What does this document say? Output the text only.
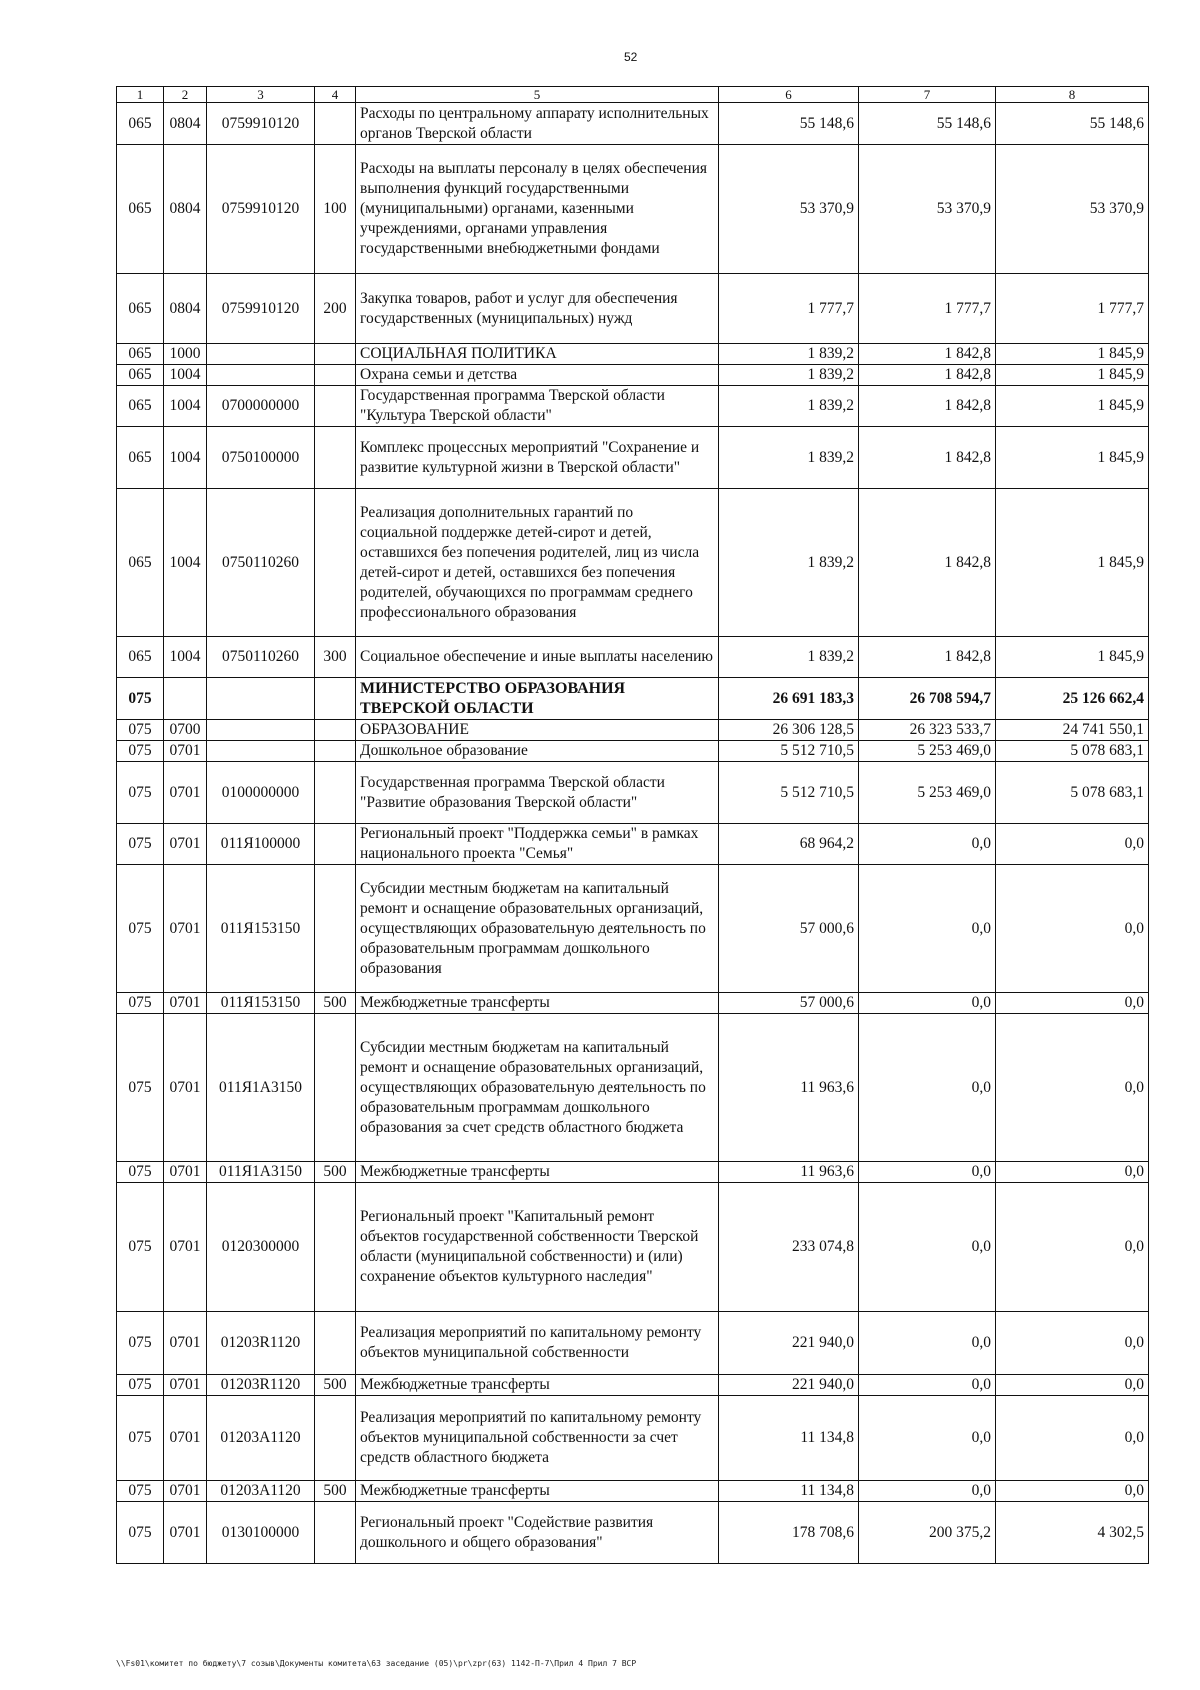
52
1	2	3	4	5	6	7	8
065	0804	0759910120		Расходы по центральному аппарату исполнительных органов Тверской области	55 148,6	55 148,6	55 148,6
065	0804	0759910120	100	Расходы на выплаты персоналу в целях обеспечения выполнения функций государственными (муниципальными) органами, казенными учреждениями, органами управления государственными внебюджетными фондами	53 370,9	53 370,9	53 370,9
065	0804	0759910120	200	Закупка товаров, работ и услуг для обеспечения государственных (муниципальных) нужд	1 777,7	1 777,7	1 777,7
065	1000			СОЦИАЛЬНАЯ ПОЛИТИКА	1 839,2	1 842,8	1 845,9
065	1004			Охрана семьи и детства	1 839,2	1 842,8	1 845,9
065	1004	0700000000		Государственная программа Тверской области "Культура Тверской области"	1 839,2	1 842,8	1 845,9
065	1004	0750100000		Комплекс процессных мероприятий "Сохранение и развитие культурной жизни в Тверской области"	1 839,2	1 842,8	1 845,9
065	1004	0750110260		Реализация дополнительных гарантий по социальной поддержке детей-сирот и детей, оставшихся без попечения родителей, лиц из числа детей-сирот и детей, оставшихся без попечения родителей, обучающихся по программам среднего профессионального образования	1 839,2	1 842,8	1 845,9
065	1004	0750110260	300	Социальное обеспечение и иные выплаты населению	1 839,2	1 842,8	1 845,9
075				МИНИСТЕРСТВО ОБРАЗОВАНИЯ ТВЕРСКОЙ ОБЛАСТИ	26 691 183,3	26 708 594,7	25 126 662,4
075	0700			ОБРАЗОВАНИЕ	26 306 128,5	26 323 533,7	24 741 550,1
075	0701			Дошкольное образование	5 512 710,5	5 253 469,0	5 078 683,1
075	0701	0100000000		Государственная программа Тверской области "Развитие образования Тверской области"	5 512 710,5	5 253 469,0	5 078 683,1
075	0701	011Я100000		Региональный проект "Поддержка семьи" в рамках национального проекта "Семья"	68 964,2	0,0	0,0
075	0701	011Я153150		Субсидии местным бюджетам на капитальный ремонт и оснащение образовательных организаций, осуществляющих образовательную деятельность по образовательным программам дошкольного образования	57 000,6	0,0	0,0
075	0701	011Я153150	500	Межбюджетные трансферты	57 000,6	0,0	0,0
075	0701	011Я1А3150		Субсидии местным бюджетам на капитальный ремонт и оснащение образовательных организаций, осуществляющих образовательную деятельность по образовательным программам дошкольного образования за счет средств областного бюджета	11 963,6	0,0	0,0
075	0701	011Я1А3150	500	Межбюджетные трансферты	11 963,6	0,0	0,0
075	0701	0120300000		Региональный проект "Капитальный ремонт объектов государственной собственности Тверской области (муниципальной собственности) и (или) сохранение объектов культурного наследия"	233 074,8	0,0	0,0
075	0701	01203R1120		Реализация мероприятий по капитальному ремонту объектов муниципальной собственности	221 940,0	0,0	0,0
075	0701	01203R1120	500	Межбюджетные трансферты	221 940,0	0,0	0,0
075	0701	01203А1120		Реализация мероприятий по капитальному ремонту объектов муниципальной собственности за счет средств областного бюджета	11 134,8	0,0	0,0
075	0701	01203А1120	500	Межбюджетные трансферты	11 134,8	0,0	0,0
075	0701	0130100000		Региональный проект "Содействие развития дошкольного и общего образования"	178 708,6	200 375,2	4 302,5
\\Fs01\комитет по бюджету\7 созыв\Документы комитета\63 заседание (05)\pr\zpr(63) 1142-П-7\Прил 4 Прил 7 ВСР
